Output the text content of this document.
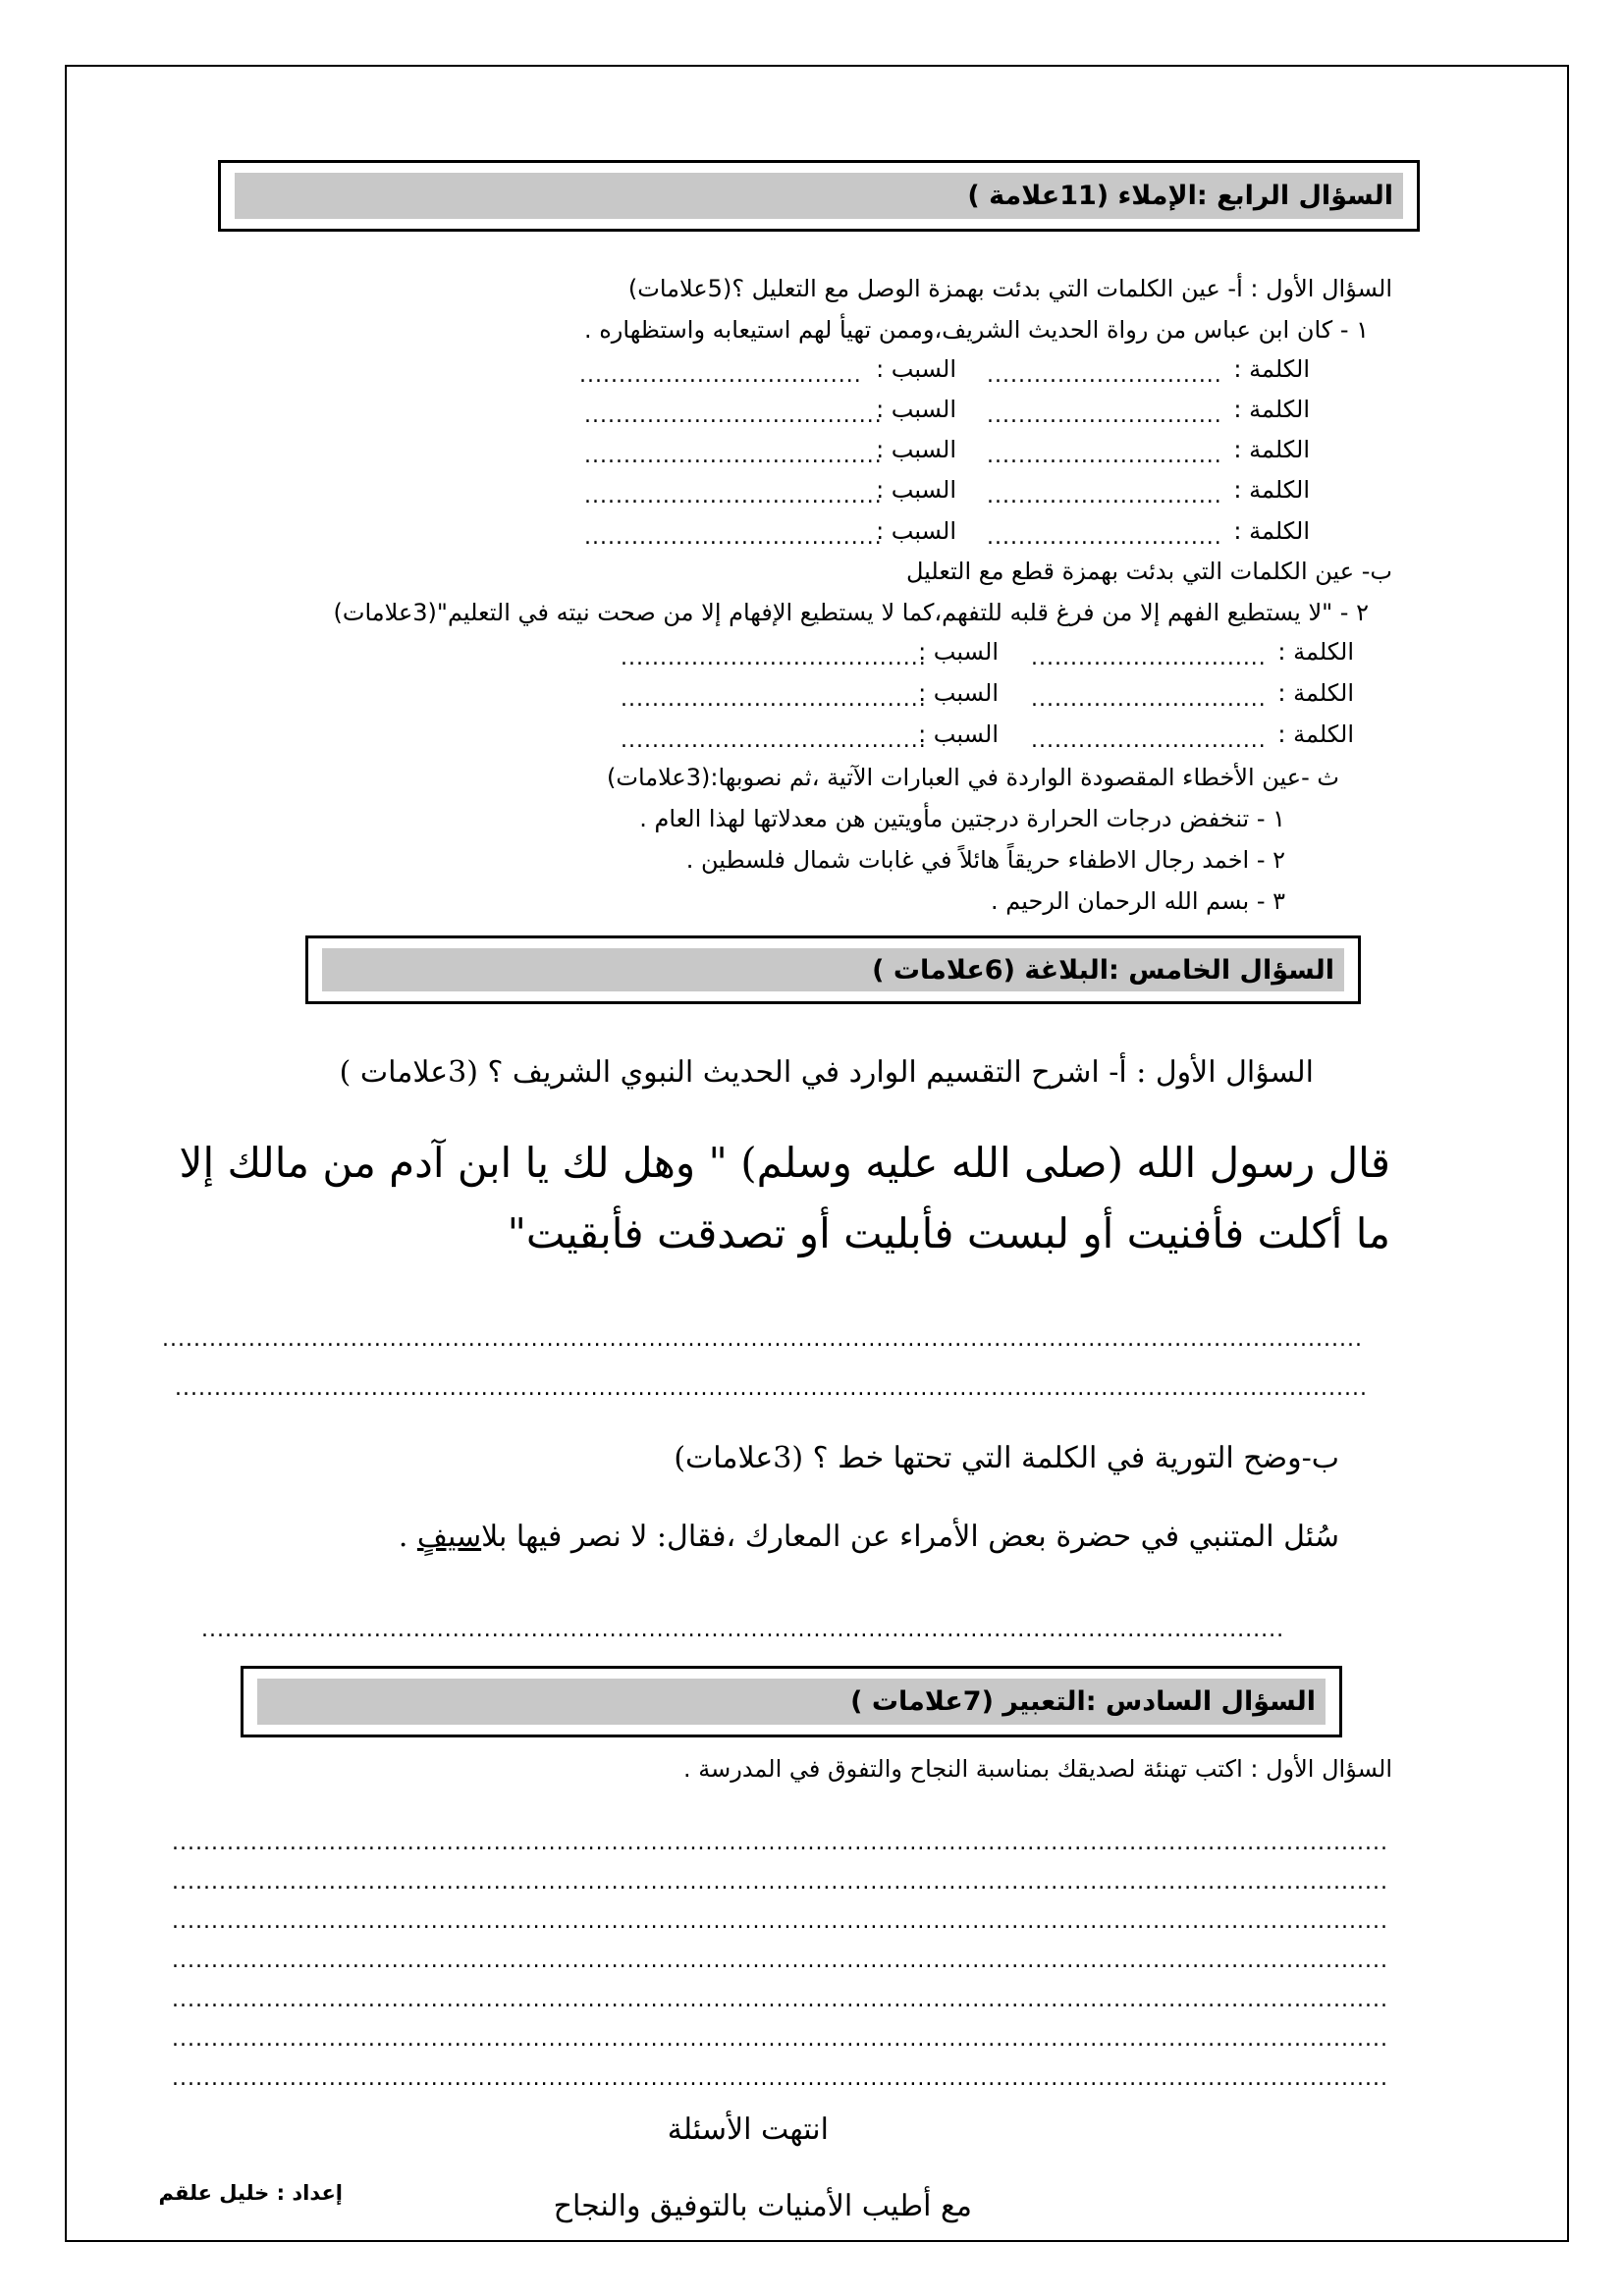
السؤال الرابع :الإملاء (11علامة )
السؤال الأول : أ- عين الكلمات التي بدئت بهمزة الوصل مع التعليل ؟(5علامات)
١ - كان ابن عباس من رواة الحديث الشريف،وممن تهيأ لهم استيعابه واستظهاره .
الكلمة :
.....
السبب :
.....
الكلمة :
.....
السبب :
.....
الكلمة :
.....
السبب :
.....
الكلمة :
.....
السبب :
.....
الكلمة :
.....
السبب :
.....
ب- عين الكلمات التي بدئت بهمزة قطع مع التعليل
٢ - "لا يستطيع الفهم إلا من فرغ قلبه للتفهم،كما لا يستطيع الإفهام إلا من صحت نيته في التعليم"(3علامات)
الكلمة :
.....
السبب :
.....
الكلمة :
.....
السبب :
.....
الكلمة :
.....
السبب :
.....
ث -عين الأخطاء المقصودة الواردة في العبارات الآتية ،ثم نصوبها:(3علامات)
١ - تنخفض درجات الحرارة درجتين مأويتين هن معدلاتها لهذا العام .
٢ - اخمد رجال الاطفاء حريقاً هائلاً في غابات شمال فلسطين .
٣ - بسم الله الرحمان الرحيم .
السؤال الخامس :البلاغة (6علامات )
السؤال الأول : أ- اشرح التقسيم الوارد في الحديث النبوي الشريف ؟ (3علامات )
قال رسول الله (صلى الله عليه وسلم) " وهل لك يا ابن آدم من مالك إلا
ما أكلت فأفنيت أو لبست فأبليت أو تصدقت فأبقيت"
.....
.....
ب-وضح التورية في الكلمة التي تحتها خط ؟ (3علامات)
سُئل المتنبي في حضرة بعض الأمراء عن المعارك ،فقال: لا نصر فيها بلاسيفٍ .
.....
السؤال السادس :التعبير (7علامات )
السؤال الأول : اكتب تهنئة لصديقك بمناسبة النجاح والتفوق في المدرسة .
.....
.....
.....
.....
.....
.....
.....
انتهت الأسئلة
مع أطيب الأمنيات بالتوفيق والنجاح
إعداد : خليل علقم
